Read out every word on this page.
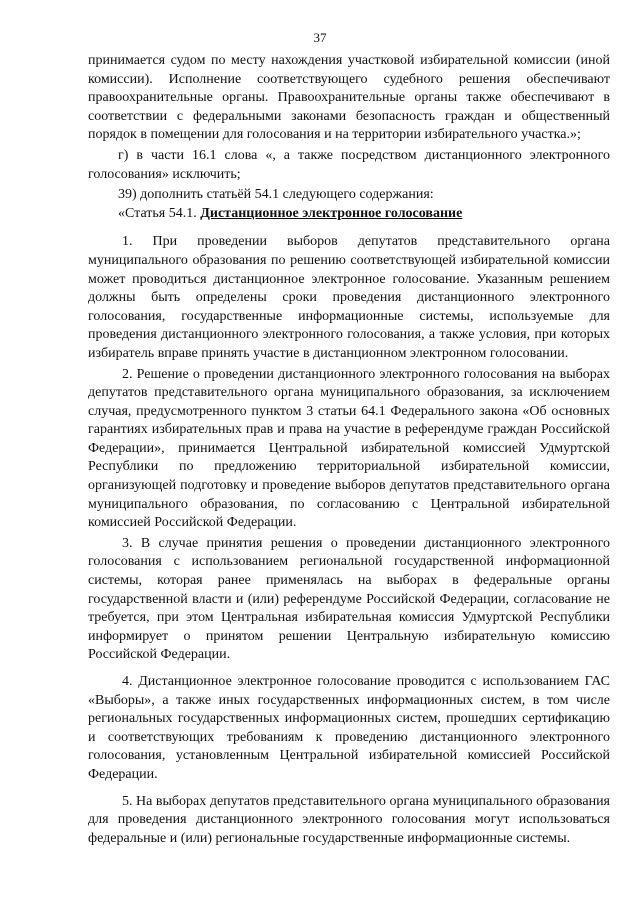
37

принимается судом по месту нахождения участковой избирательной комиссии (иной комиссии). Исполнение соответствующего судебного решения обеспечивают правоохранительные органы. Правоохранительные органы также обеспечивают в соответствии с федеральными законами безопасность граждан и общественный порядок в помещении для голосования и на территории избирательного участка.»;

г) в части 16.1 слова «, а также посредством дистанционного электронного голосования» исключить;

39) дополнить статьёй 54.1 следующего содержания:

«Статья 54.1. Дистанционное электронное голосование

1. При проведении выборов депутатов представительного органа муниципального образования по решению соответствующей избирательной комиссии может проводиться дистанционное электронное голосование. Указанным решением должны быть определены сроки проведения дистанционного электронного голосования, государственные информационные системы, используемые для проведения дистанционного электронного голосования, а также условия, при которых избиратель вправе принять участие в дистанционном электронном голосовании.

2. Решение о проведении дистанционного электронного голосования на выборах депутатов представительного органа муниципального образования, за исключением случая, предусмотренного пунктом 3 статьи 64.1 Федерального закона «Об основных гарантиях избирательных прав и права на участие в референдуме граждан Российской Федерации», принимается Центральной избирательной комиссией Удмуртской Республики по предложению территориальной избирательной комиссии, организующей подготовку и проведение выборов депутатов представительного органа муниципального образования, по согласованию с Центральной избирательной комиссией Российской Федерации.

3. В случае принятия решения о проведении дистанционного электронного голосования с использованием региональной государственной информационной системы, которая ранее применялась на выборах в федеральные органы государственной власти и (или) референдуме Российской Федерации, согласование не требуется, при этом Центральная избирательная комиссия Удмуртской Республики информирует о принятом решении Центральную избирательную комиссию Российской Федерации.

4. Дистанционное электронное голосование проводится с использованием ГАС «Выборы», а также иных государственных информационных систем, в том числе региональных государственных информационных систем, прошедших сертификацию и соответствующих требованиям к проведению дистанционного электронного голосования, установленным Центральной избирательной комиссией Российской Федерации.

5. На выборах депутатов представительного органа муниципального образования для проведения дистанционного электронного голосования могут использоваться федеральные и (или) региональные государственные информационные системы.
